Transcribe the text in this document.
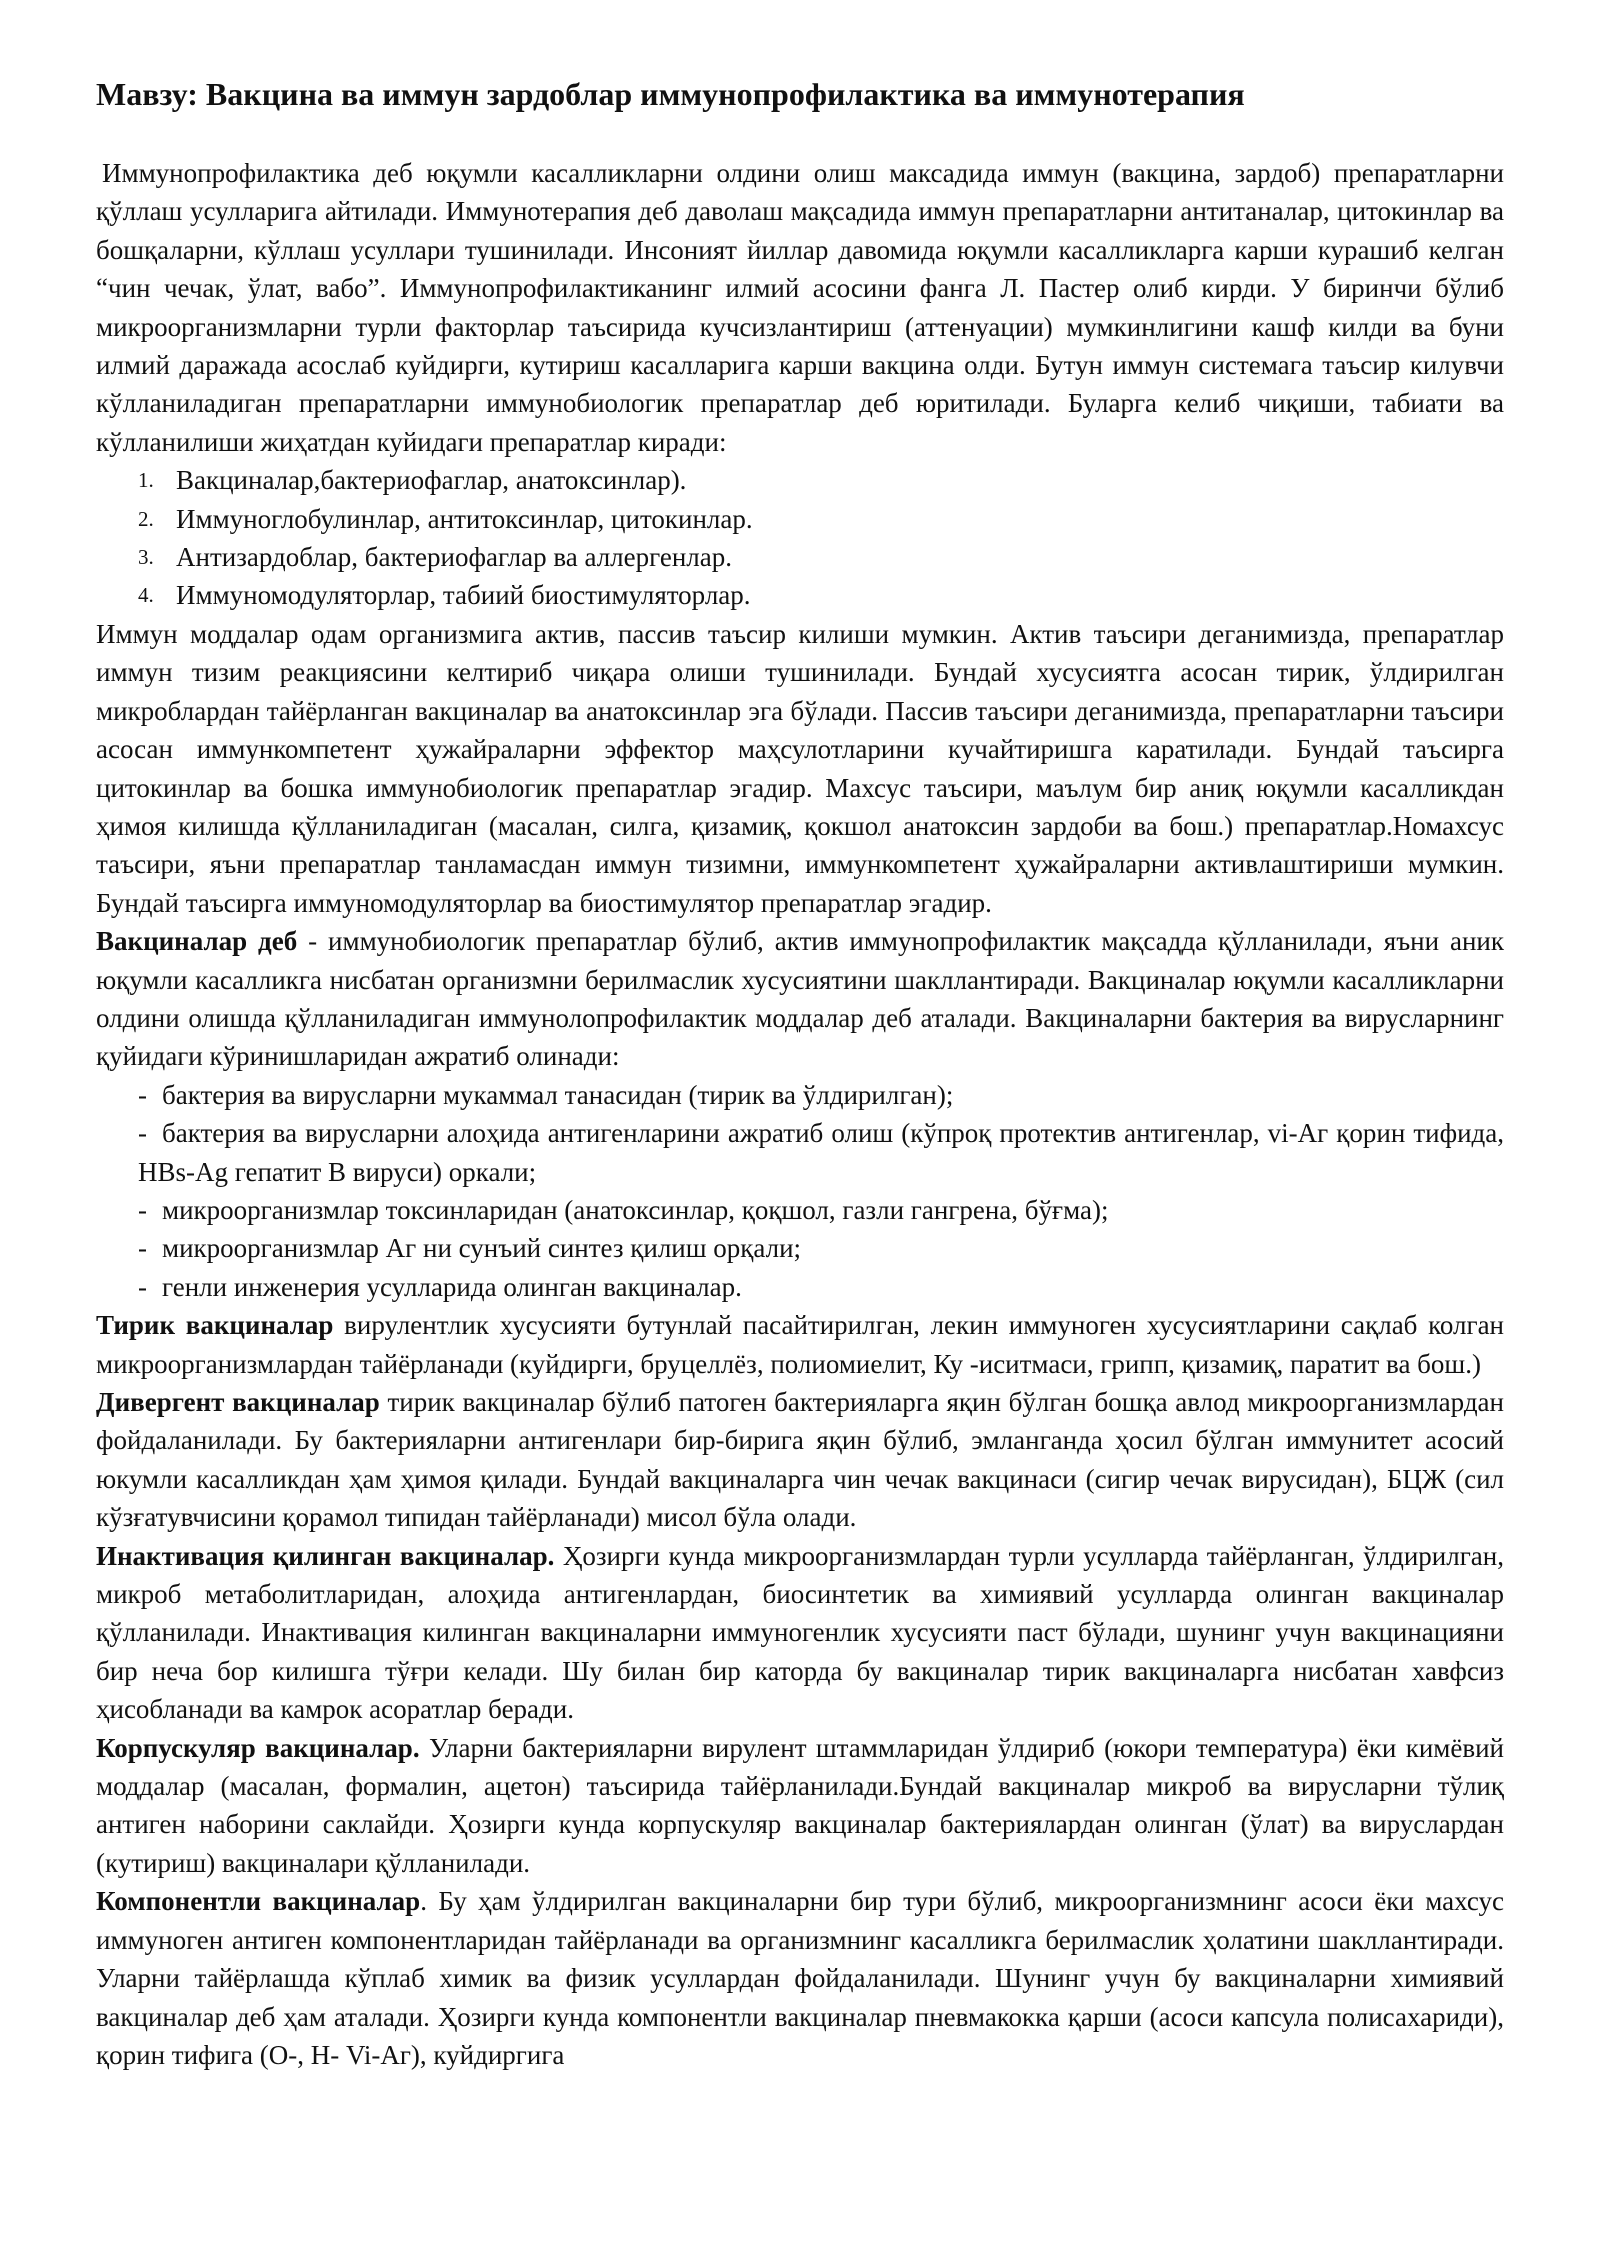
Мавзу: Вакцина ва иммун зардоблар иммунопрофилактика ва иммунотерапия

Иммунопрофилактика деб юқумли касалликларни олдини олиш максадида иммун (вакцина, зардоб) препаратларни қўллаш усулларига айтилади. Иммунотерапия деб даволаш мақсадида иммун препаратларни антитаналар, цитокинлар ва бошқаларни, кўллаш усуллари тушинилади. Инсоният йиллар давомида юқумли касалликларга карши курашиб келган “чин чечак, ўлат, вабо”. Иммунопрофилактиканинг илмий асосини фанга Л. Пастер олиб кирди. У биринчи бўлиб микроорганизмларни турли факторлар таъсирида кучсизлантириш (аттенуации) мумкинлигини кашф килди ва буни илмий даражада асослаб куйдирги, кутириш касалларига карши вакцина олди. Бутун иммун системага таъсир килувчи кўлланиладиган препаратларни иммунобиологик препаратлар деб юритилади. Буларга келиб чиқиши, табиати ва кўлланилиши жиҳатдан куйидаги препаратлар киради:

1. Вакциналар,бактериофаглар, анатоксинлар).
2. Иммуноглобулинлар, антитоксинлар, цитокинлар.
3. Антизардоблар, бактериофаглар ва аллергенлар.
4. Иммуномодуляторлар, табиий биостимуляторлар.

Иммун моддалар одам организмига актив, пассив таъсир килиши мумкин. Актив таъсири деганимизда, препаратлар иммун тизим реакциясини келтириб чиқара олиши тушинилади. Бундай хусусиятга асосан тирик, ўлдирилган микроблардан тайёрланган вакциналар ва анатоксинлар эга бўлади. Пассив таъсири деганимизда, препаратларни таъсири асосан иммункомпетент ҳужайраларни эффектор маҳсулотларини кучайтиришга каратилади. Бундай таъсирга цитокинлар ва бошка иммунобиологик препаратлар эгадир. Махсус таъсири, маълум бир аниқ юқумли касалликдан ҳимоя килишда қўлланиладиган (масалан, силга, қизамиқ, қокшол анатоксин зардоби ва бош.) препаратлар.Номахсус таъсири, яъни препаратлар танламасдан иммун тизимни, иммункомпетент ҳужайраларни активлаштириши мумкин. Бундай таъсирга иммуномодуляторлар ва биостимулятор препаратлар эгадир.

Вакциналар деб - иммунобиологик препаратлар бўлиб, актив иммунопрофилактик мақсадда қўлланилади, яъни аник юқумли касалликга нисбатан организмни берилмаслик хусусиятини шакллантиради. Вакциналар юқумли касалликларни олдини олишда қўлланиладиган иммунолопрофилактик моддалар деб аталади. Вакциналарни бактерия ва вирусларнинг қуйидаги кўринишларидан ажратиб олинади:

- бактерия ва вирусларни мукаммал танасидан (тирик ва ўлдирилган);
- бактерия ва вирусларни алоҳида антигенларини ажратиб олиш (кўпроқ протектив антигенлар, vi-Аг қорин тифида, HBs-Ag гепатит В вируси) оркали;
- микроорганизмлар токсинларидан (анатоксинлар, қоқшол, газли гангрена, бўғма);
- микроорганизмлар Аг ни сунъий синтез қилиш орқали;
- генли инженерия усулларида олинган вакциналар.

Тирик вакциналар вирулентлик хусусияти бутунлай пасайтирилган, лекин иммуноген хусусиятларини сақлаб колган микроорганизмлардан тайёрланади (куйдирги, бруцеллёз, полиомиелит, Ку -иситмаси, грипп, қизамиқ, паратит ва бош.)

Дивергент вакциналар тирик вакциналар бўлиб патоген бактерияларга яқин бўлган бошқа авлод микроорганизмлардан фойдаланилади. Бу бактерияларни антигенлари бир-бирига яқин бўлиб, эмланганда ҳосил бўлган иммунитет асосий юкумли касалликдан ҳам ҳимоя қилади. Бундай вакциналарга чин чечак вакцинаси (сигир чечак вирусидан), БЦЖ (сил кўзғатувчисини қорамол типидан тайёрланади) мисол бўла олади.

Инактивация қилинган вакциналар. Ҳозирги кунда микроорганизмлардан турли усулларда тайёрланган, ўлдирилган, микроб метаболитларидан, алоҳида антигенлардан, биосинтетик ва химиявий усулларда олинган вакциналар қўлланилади. Инактивация килинган вакциналарни иммуногенлик хусусияти паст бўлади, шунинг учун вакцинацияни бир неча бор килишга тўғри келади. Шу билан бир каторда бу вакциналар тирик вакциналарга нисбатан хавфсиз ҳисобланади ва камрок асоратлар беради.

Корпускуляр вакциналар. Уларни бактерияларни вирулент штаммларидан ўлдириб (юкори температура) ёки кимёвий моддалар (масалан, формалин, ацетон) таъсирида тайёрланилади.Бундай вакциналар микроб ва вирусларни тўлиқ антиген наборини саклайди. Ҳозирги кунда корпускуляр вакциналар бактериялардан олинган (ўлат) ва вируслардан (кутириш) вакциналари қўлланилади.

Компонентли вакциналар. Бу ҳам ўлдирилган вакциналарни бир тури бўлиб, микроорганизмнинг асоси ёки махсус иммуноген антиген компонентларидан тайёрланади ва организмнинг касалликга берилмаслик ҳолатини шакллантиради. Уларни тайёрлашда кўплаб химик ва физик усуллардан фойдаланилади. Шунинг учун бу вакциналарни химиявий вакциналар деб ҳам аталади. Ҳозирги кунда компонентли вакциналар пневмакокка қарши (асоси капсула полисахариди), қорин тифига (О-, Н- Vi-Аг), куйдиргига
